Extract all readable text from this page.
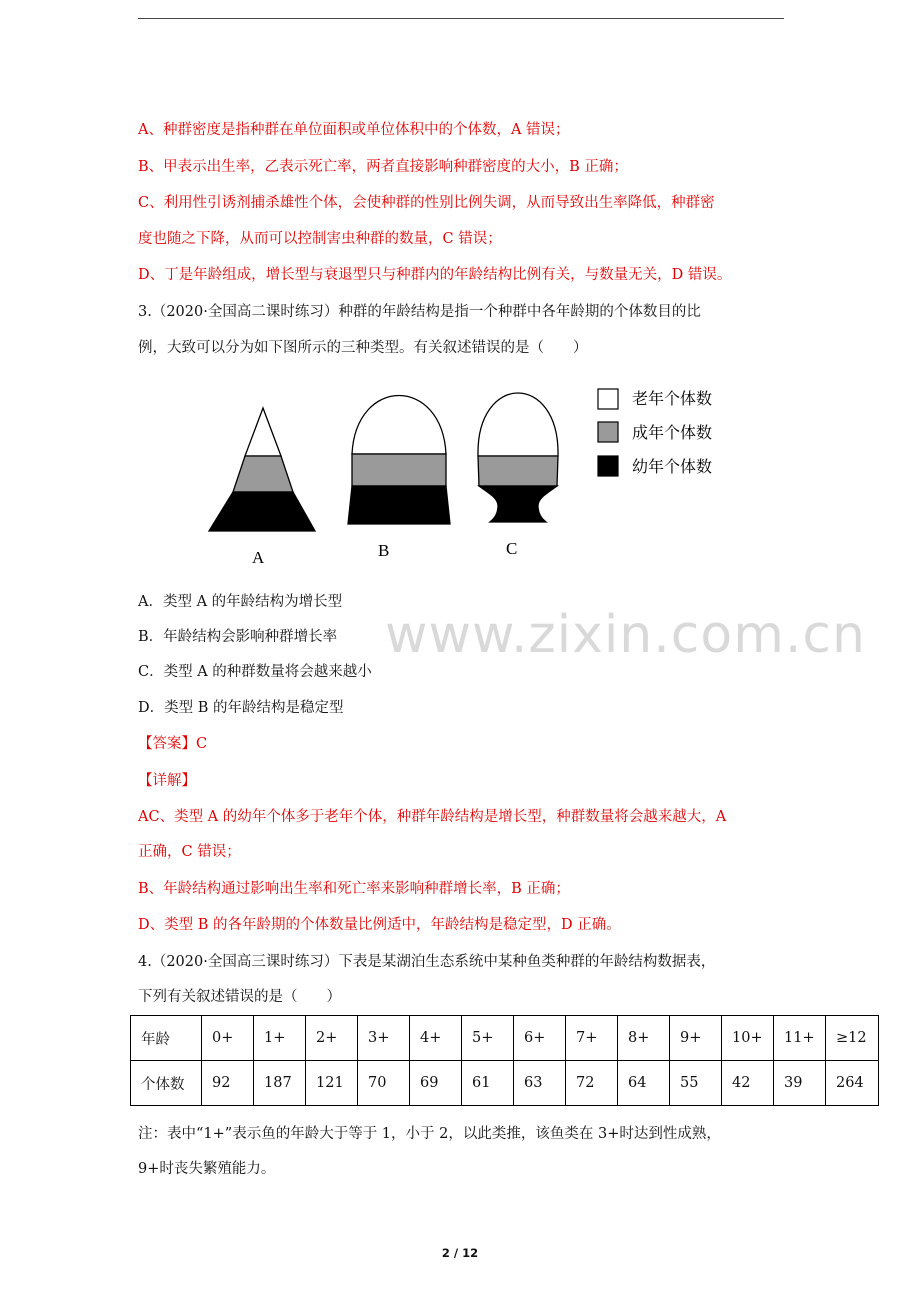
A、种群密度是指种群在单位面积或单位体积中的个体数，A 错误；
B、甲表示出生率，乙表示死亡率，两者直接影响种群密度的大小，B 正确；
C、利用性引诱剂捕杀雄性个体，会使种群的性别比例失调，从而导致出生率降低，种群密
度也随之下降，从而可以控制害虫种群的数量，C 错误；
D、丁是年龄组成，增长型与衰退型只与种群内的年龄结构比例有关，与数量无关，D 错误。
3.（2020·全国高二课时练习）种群的年龄结构是指一个种群中各年龄期的个体数目的比
例，大致可以分为如下图所示的三种类型。有关叙述错误的是（　　）
A．类型 A 的年龄结构为增长型
B．年龄结构会影响种群增长率
C．类型 A 的种群数量将会越来越小
D．类型 B 的年龄结构是稳定型
【答案】C
【详解】
AC、类型 A 的幼年个体多于老年个体，种群年龄结构是增长型，种群数量将会越来越大，A
正确，C 错误；
B、年龄结构通过影响出生率和死亡率来影响种群增长率，B 正确；
D、类型 B 的各年龄期的个体数量比例适中，年龄结构是稳定型，D 正确。
4.（2020·全国高三课时练习）下表是某湖泊生态系统中某种鱼类种群的年龄结构数据表，
下列有关叙述错误的是（　　）
注：表中“1+”表示鱼的年龄大于等于 1，小于 2，以此类推，该鱼类在 3+时达到性成熟，
9+时丧失繁殖能力。
A	B	C
老年个体数
成年个体数
幼年个体数
www.zixin.com.cn
年龄	0+	1+	2+	3+	4+	5+	6+	7+	8+	9+	10+	11+	≥12
个体数	92	187	121	70	69	61	63	72	64	55	42	39	264
2 / 12
